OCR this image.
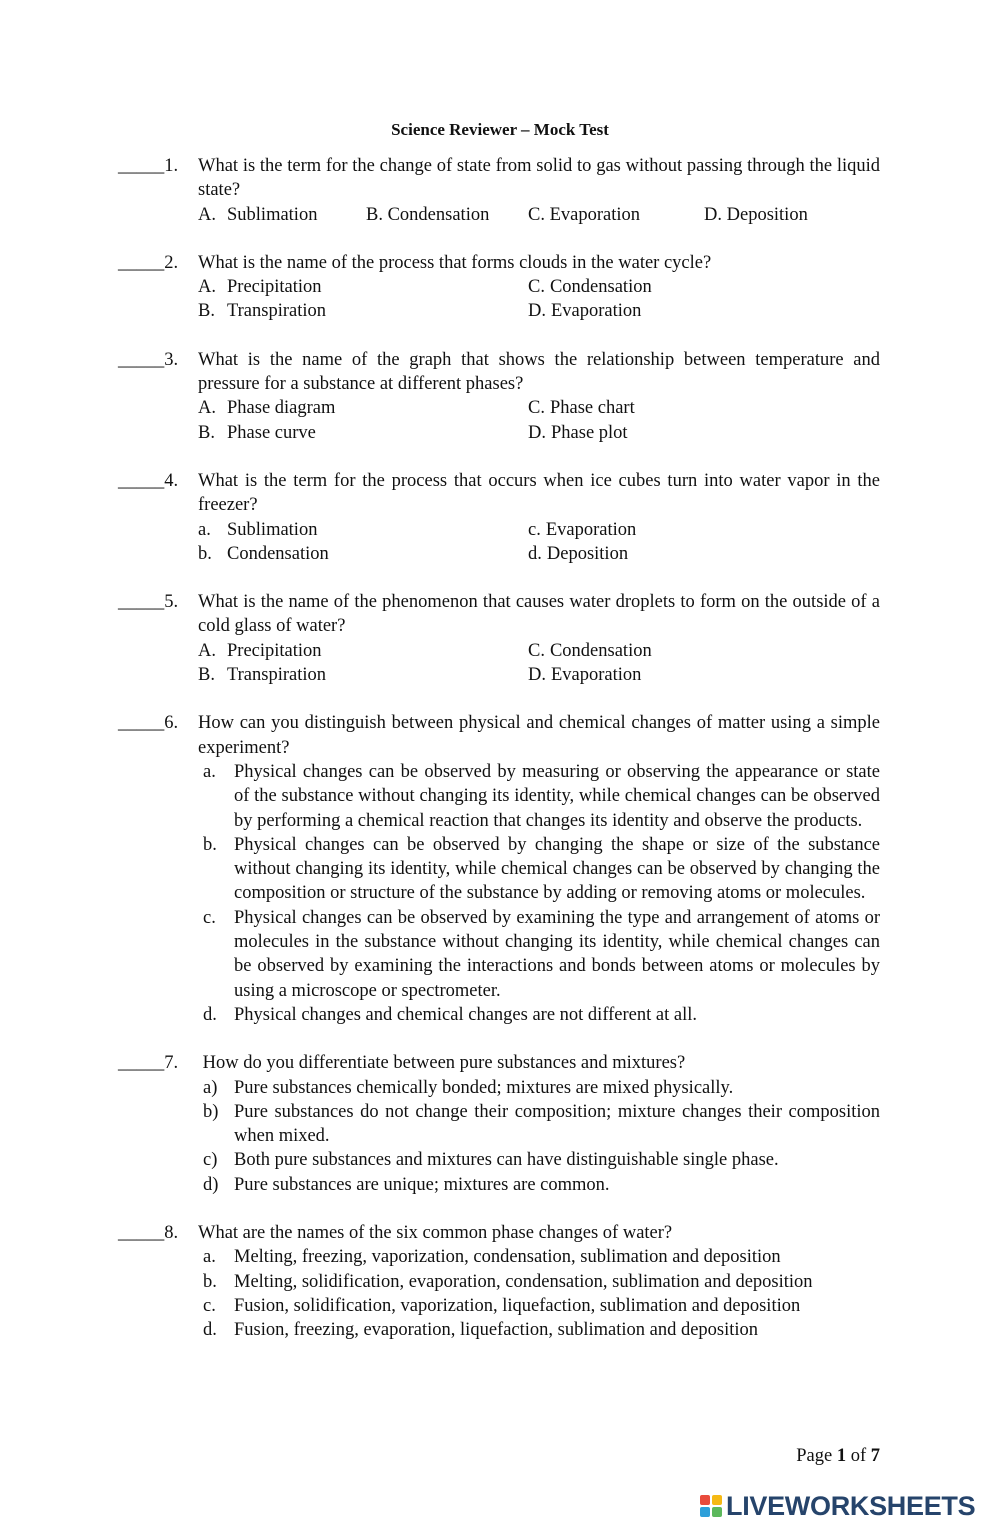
Science Reviewer – Mock Test
_____1. What is the term for the change of state from solid to gas without passing through the liquid state?
A. Sublimation	B. Condensation	C. Evaporation	D. Deposition
_____2. What is the name of the process that forms clouds in the water cycle?
A. Precipitation	C. Condensation
B. Transpiration	D. Evaporation
_____3. What is the name of the graph that shows the relationship between temperature and pressure for a substance at different phases?
A. Phase diagram	C. Phase chart
B. Phase curve	D. Phase plot
_____4. What is the term for the process that occurs when ice cubes turn into water vapor in the freezer?
a. Sublimation	c. Evaporation
b. Condensation	d. Deposition
_____5. What is the name of the phenomenon that causes water droplets to form on the outside of a cold glass of water?
A. Precipitation	C. Condensation
B. Transpiration	D. Evaporation
_____6. How can you distinguish between physical and chemical changes of matter using a simple experiment?
a. Physical changes can be observed by measuring or observing the appearance or state of the substance without changing its identity, while chemical changes can be observed by performing a chemical reaction that changes its identity and observe the products.
b. Physical changes can be observed by changing the shape or size of the substance without changing its identity, while chemical changes can be observed by changing the composition or structure of the substance by adding or removing atoms or molecules.
c. Physical changes can be observed by examining the type and arrangement of atoms or molecules in the substance without changing its identity, while chemical changes can be observed by examining the interactions and bonds between atoms or molecules by using a microscope or spectrometer.
d. Physical changes and chemical changes are not different at all.
_____7. How do you differentiate between pure substances and mixtures?
a) Pure substances chemically bonded; mixtures are mixed physically.
b) Pure substances do not change their composition; mixture changes their composition when mixed.
c) Both pure substances and mixtures can have distinguishable single phase.
d) Pure substances are unique; mixtures are common.
_____8. What are the names of the six common phase changes of water?
a. Melting, freezing, vaporization, condensation, sublimation and deposition
b. Melting, solidification, evaporation, condensation, sublimation and deposition
c. Fusion, solidification, vaporization, liquefaction, sublimation and deposition
d. Fusion, freezing, evaporation, liquefaction, sublimation and deposition
Page 1 of 7
LIVEWORKSHEETS
